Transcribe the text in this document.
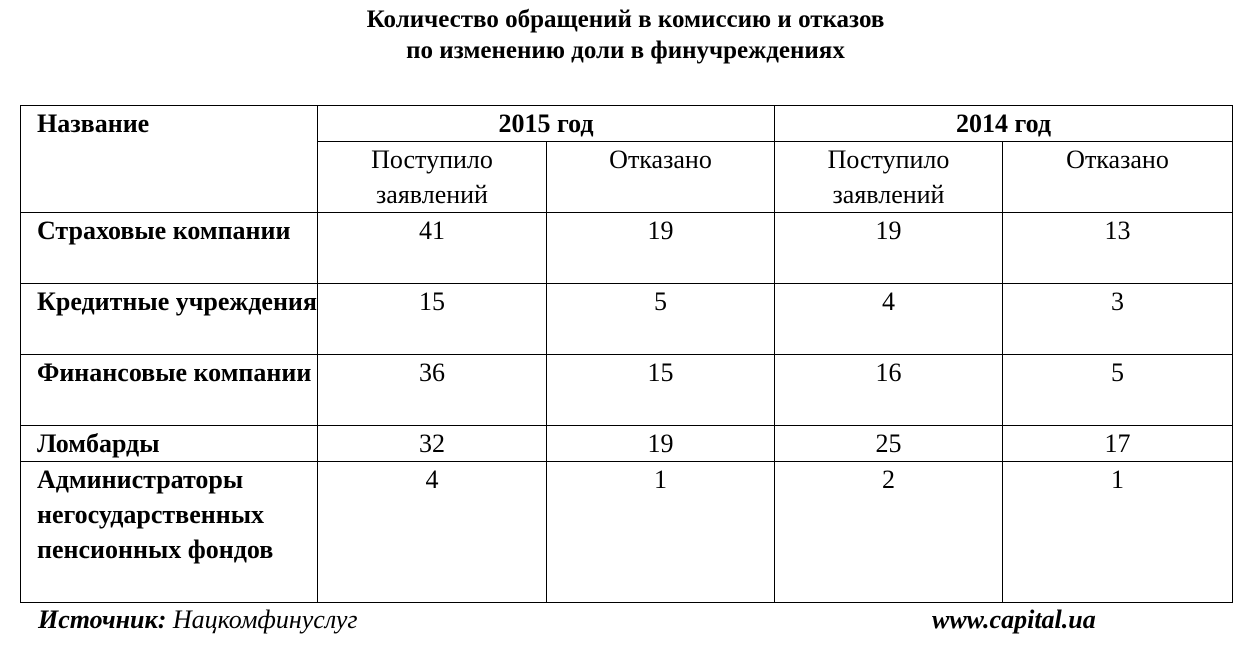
Количество обращений в комиссию и отказов
по изменению доли в финучреждениях
Название	2015 год		2014 год	
	Поступило заявлений	Отказано	Поступило заявлений	Отказано
Страховые компании	41	19	19	13
Кредитные учреждения	15	5	4	3
Финансовые компании	36	15	16	5
Ломбарды	32	19	25	17
Администраторы негосударственных пенсионных фондов	4	1	2	1
Источник: Нацкомфинуслуг	www.capital.ua
